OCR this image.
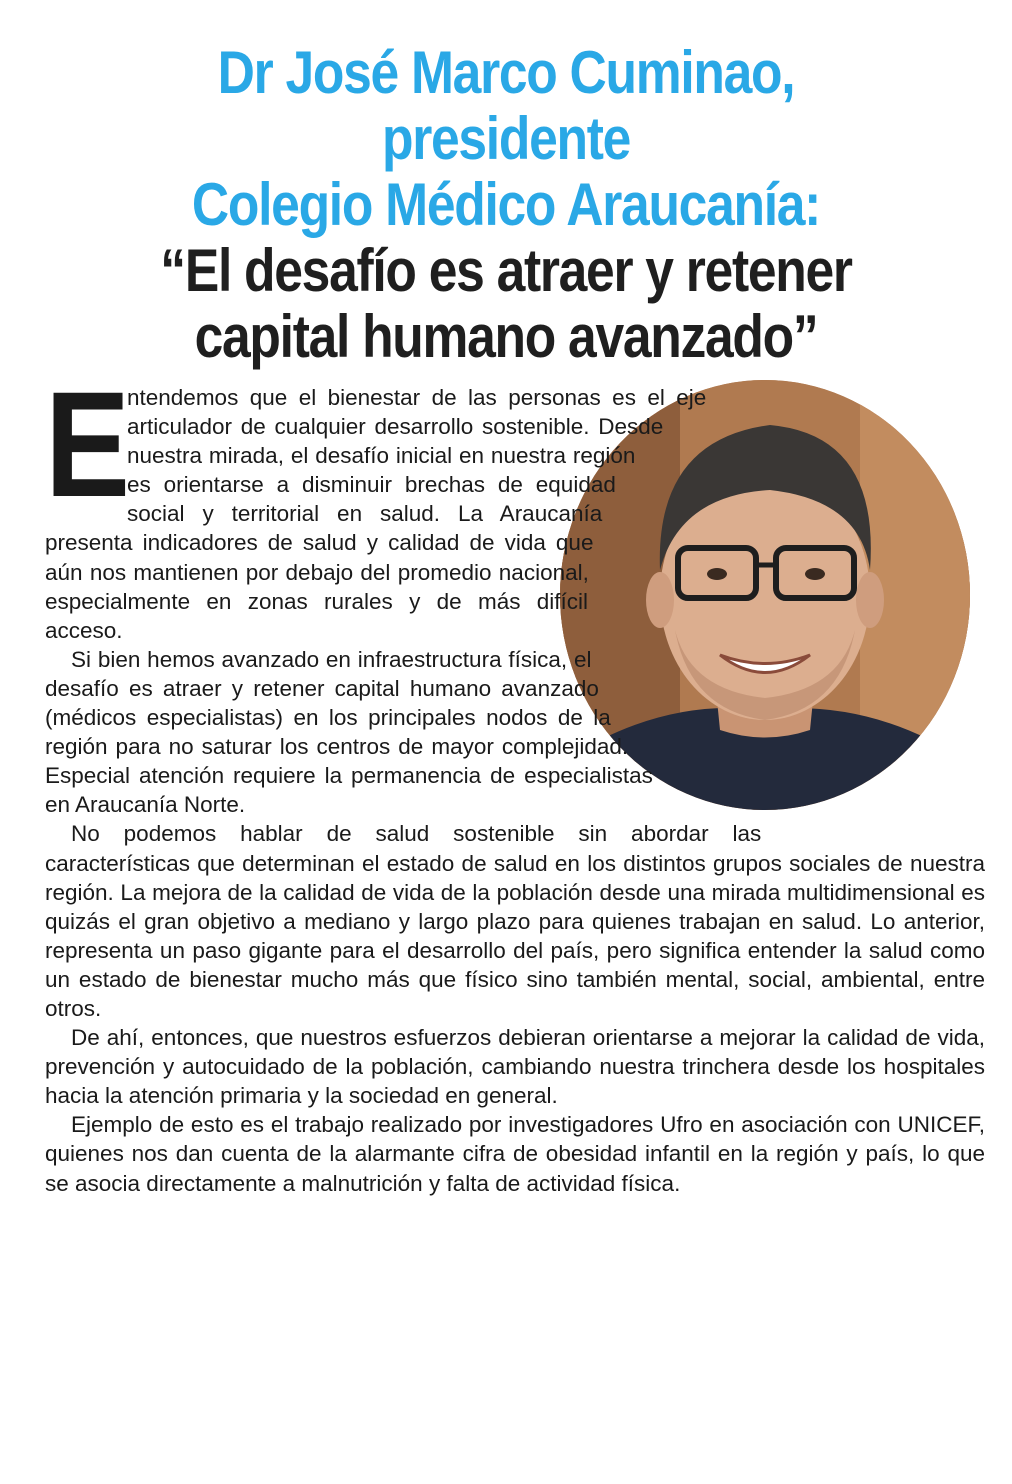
Dr José Marco Cuminao, presidente
Colegio Médico Araucanía:
“El desafío es atraer y retener
capital humano avanzado”

E
ntendemos que el bienestar de las personas es el eje articulador de cualquier desarrollo sostenible. Desde nuestra mirada, el desafío inicial en nuestra región es orientarse a disminuir brechas de equidad social y territorial en salud. La Araucanía presenta indicadores de salud y calidad de vida que aún nos mantienen por debajo del promedio nacional, especialmente en zonas rurales y de más difícil acceso.

Si bien hemos avanzado en infraestructura física, el desafío es atraer y retener capital humano avanzado (médicos especialistas) en los principales nodos de la región para no saturar los centros de mayor complejidad. Especial atención requiere la permanencia de especialistas en Araucanía Norte.

No podemos hablar de salud sostenible sin abordar las características que determinan el estado de salud en los distintos grupos sociales de nuestra región. La mejora de la calidad de vida de la población desde una mirada multidimensional es quizás el gran objetivo a mediano y largo plazo para quienes trabajan en salud. Lo anterior, representa un paso gigante para el desarrollo del país, pero significa entender la salud como un estado de bienestar mucho más que físico sino también mental, social, ambiental, entre otros.

De ahí, entonces, que nuestros esfuerzos debieran orientarse a mejorar la calidad de vida, prevención y autocuidado de la población, cambiando nuestra trinchera desde los hospitales hacia la atención primaria y la sociedad en general.

Ejemplo de esto es el trabajo realizado por investigadores Ufro en asociación con UNICEF, quienes nos dan cuenta de la alarmante cifra de obesidad infantil en la región y país, lo que se asocia directamente a malnutrición y falta de actividad física.
